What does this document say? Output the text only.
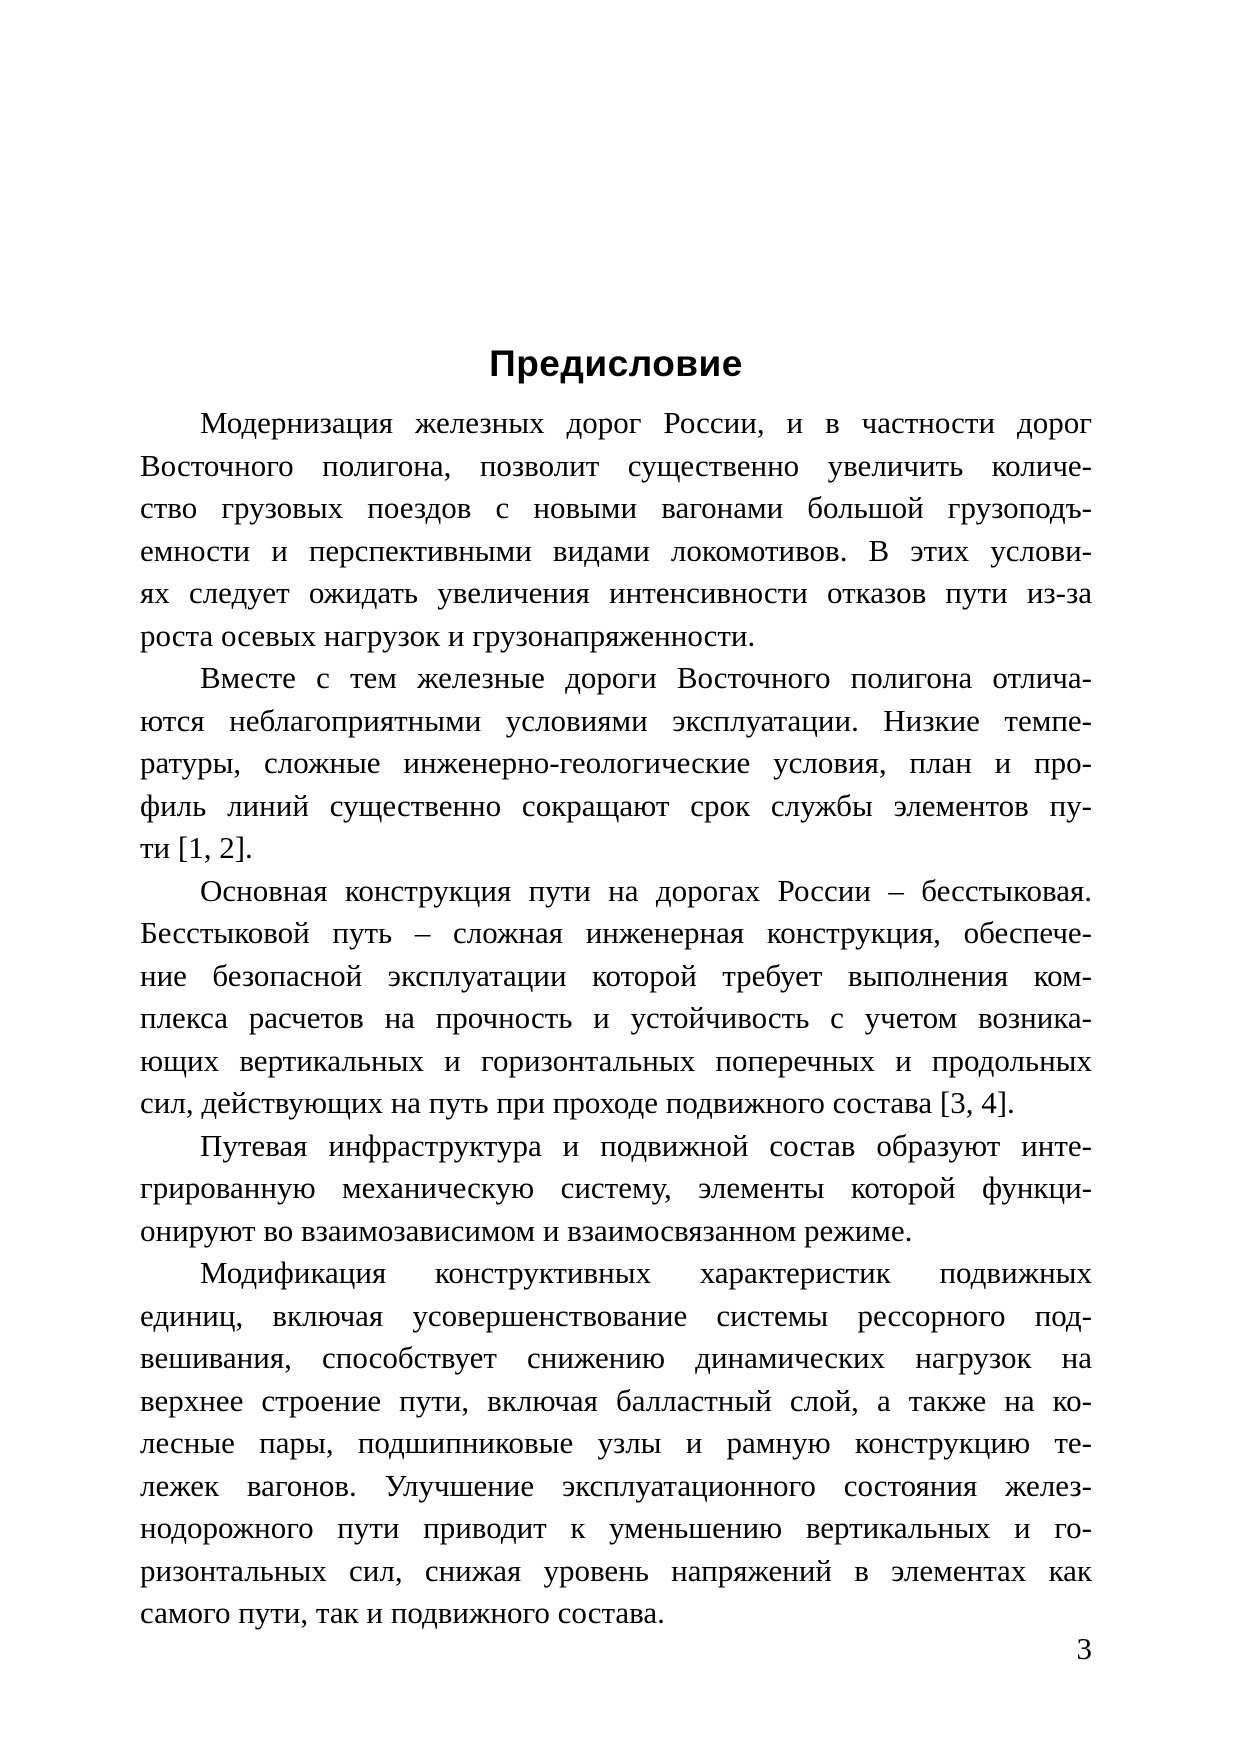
Предисловие
Модернизация железных дорог России, и в частности дорог
Восточного полигона, позволит существенно увеличить количе-
ство грузовых поездов с новыми вагонами большой грузоподъ-
емности и перспективными видами локомотивов. В этих услови-
ях следует ожидать увеличения интенсивности отказов пути из-за
роста осевых нагрузок и грузонапряженности.
Вместе с тем железные дороги Восточного полигона отлича-
ются неблагоприятными условиями эксплуатации. Низкие темпе-
ратуры, сложные инженерно-геологические условия, план и про-
филь линий существенно сокращают срок службы элементов пу-
ти [1, 2].
Основная конструкция пути на дорогах России – бесстыковая.
Бесстыковой путь – сложная инженерная конструкция, обеспече-
ние безопасной эксплуатации которой требует выполнения ком-
плекса расчетов на прочность и устойчивость с учетом возника-
ющих вертикальных и горизонтальных поперечных и продольных
сил, действующих на путь при проходе подвижного состава [3, 4].
Путевая инфраструктура и подвижной состав образуют инте-
грированную механическую систему, элементы которой функци-
онируют во взаимозависимом и взаимосвязанном режиме.
Модификация конструктивных характеристик подвижных
единиц, включая усовершенствование системы рессорного под-
вешивания, способствует снижению динамических нагрузок на
верхнее строение пути, включая балластный слой, а также на ко-
лесные пары, подшипниковые узлы и рамную конструкцию те-
лежек вагонов. Улучшение эксплуатационного состояния желез-
нодорожного пути приводит к уменьшению вертикальных и го-
ризонтальных сил, снижая уровень напряжений в элементах как
самого пути, так и подвижного состава.
3
